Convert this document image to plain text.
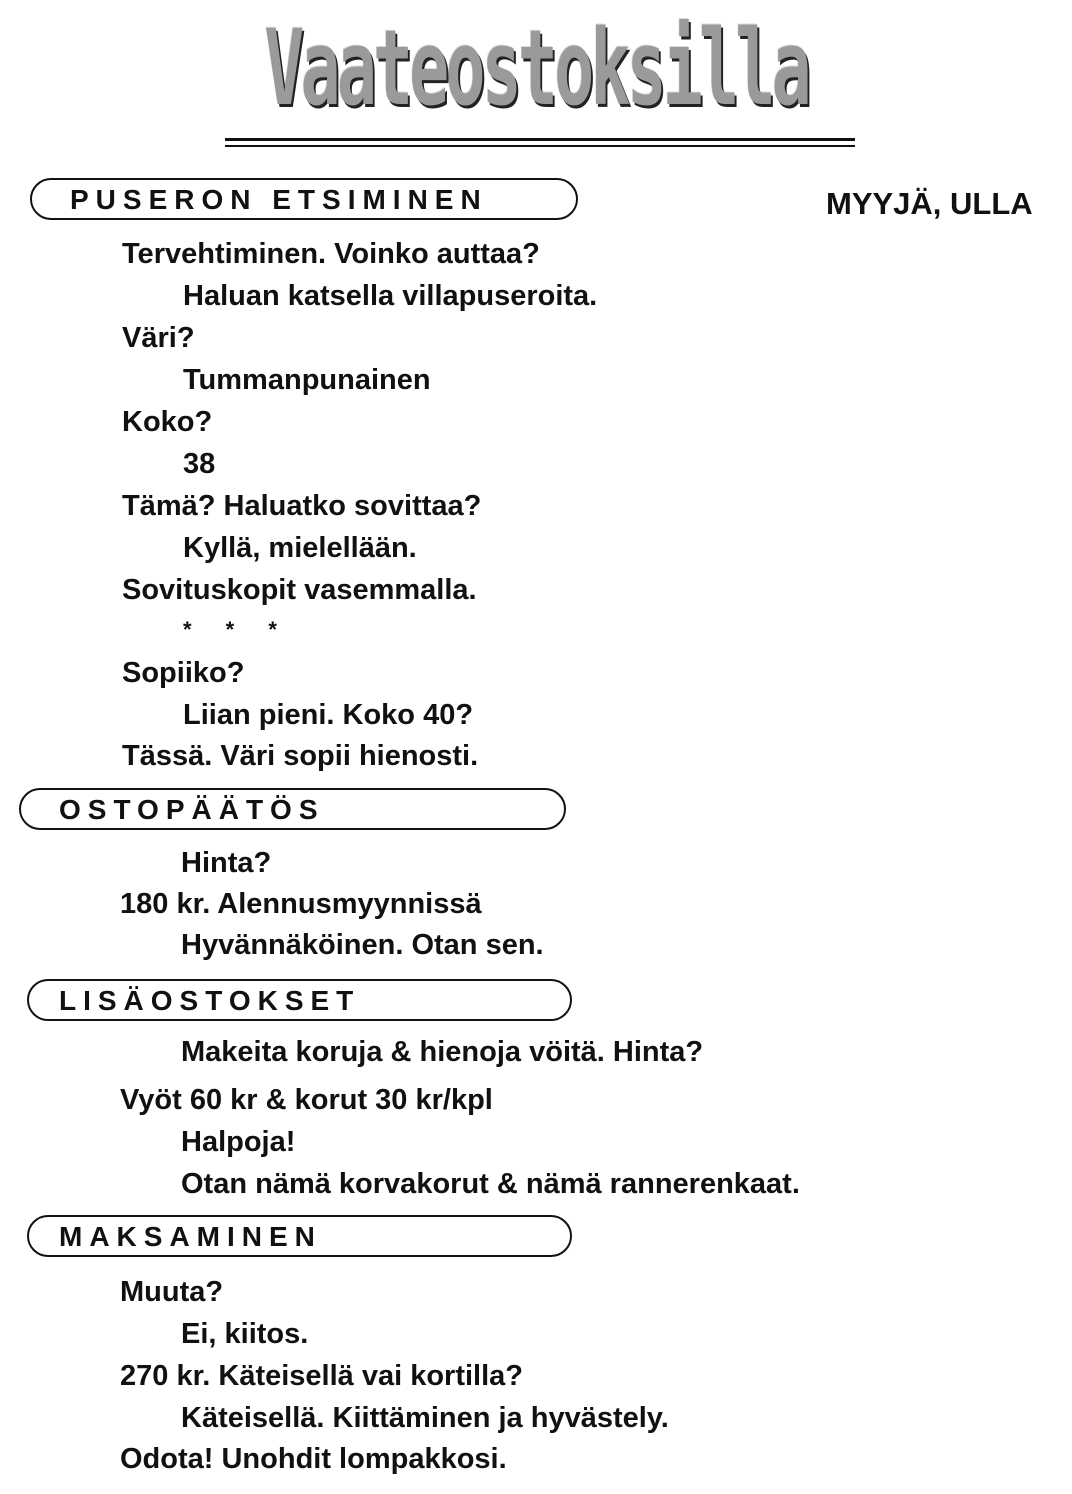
Vaateostoksilla
MYYJÄ, ULLA
PUSERON ETSIMINEN
Tervehtiminen. Voinko auttaa?
Haluan katsella villapuseroita.
Väri?
Tummanpunainen
Koko?
38
Tämä? Haluatko sovittaa?
Kyllä, mielellään.
Sovituskopit vasemmalla.
* * *
Sopiiko?
Liian pieni. Koko 40?
Tässä. Väri sopii hienosti.
OSTOPÄÄTÖS
Hinta?
180 kr. Alennusmyynnissä
Hyvännäköinen. Otan sen.
LISÄOSTOKSET
Makeita koruja & hienoja vöitä. Hinta?
Vyöt 60 kr & korut 30 kr/kpl
Halpoja!
Otan nämä korvakorut & nämä rannerenkaat.
MAKSAMINEN
Muuta?
Ei, kiitos.
270 kr. Käteisellä vai kortilla?
Käteisellä. Kiittäminen ja hyvästely.
Odota! Unohdit lompakkosi.
